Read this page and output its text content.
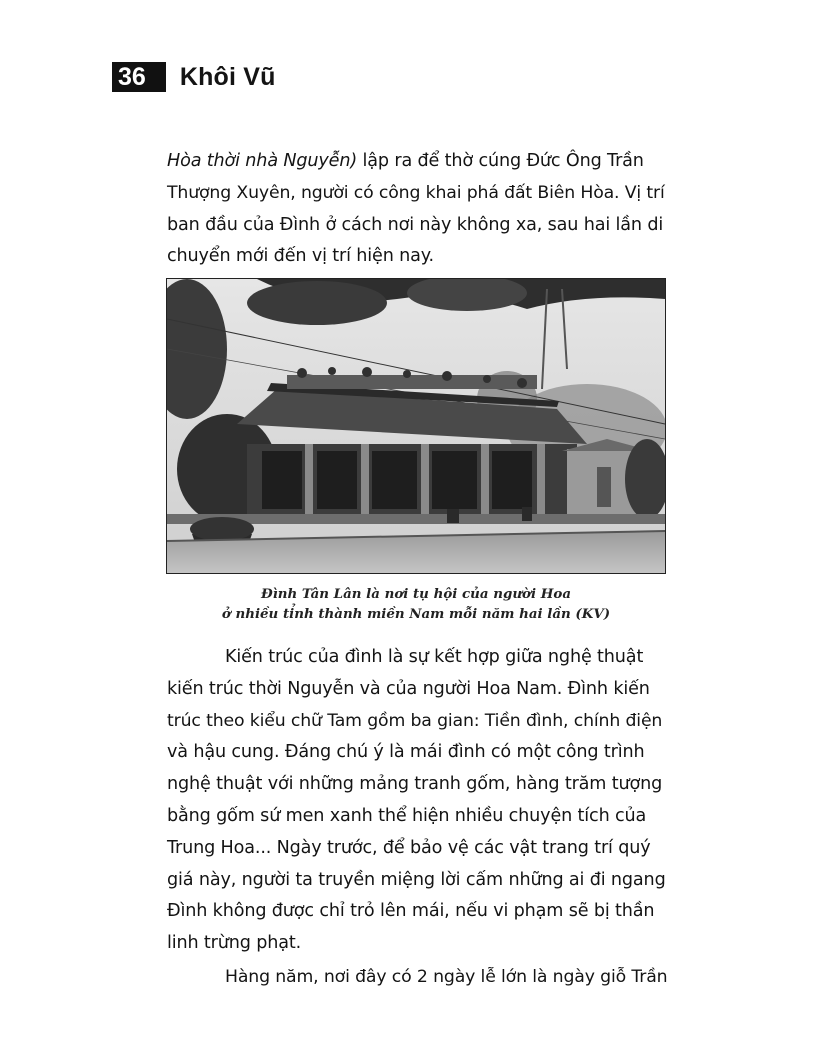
36	Khôi Vũ
Hòa thời nhà Nguyễn) lập ra để thờ cúng Đức Ông Trần
Thượng Xuyên, người có công khai phá đất Biên Hòa. Vị trí
ban đầu của Đình ở cách nơi này không xa, sau hai lần di
chuyển mới đến vị trí hiện nay.
Đình Tân Lân là nơi tụ hội của người Hoa
ở nhiều tỉnh thành miền Nam mỗi năm hai lần (KV)
Kiến trúc của đình là sự kết hợp giữa nghệ thuật
kiến trúc thời Nguyễn và của người Hoa Nam. Đình kiến
trúc theo kiểu chữ Tam gồm ba gian: Tiền đình, chính điện
và hậu cung. Đáng chú ý là mái đình có một công trình
nghệ thuật với những mảng tranh gốm, hàng trăm tượng
bằng gốm sứ men xanh thể hiện nhiều chuyện tích của
Trung Hoa... Ngày trước, để bảo vệ các vật trang trí quý
giá này, người ta truyền miệng lời cấm những ai đi ngang
Đình không được chỉ trỏ lên mái, nếu vi phạm sẽ bị thần
linh trừng phạt.
Hàng năm, nơi đây có 2 ngày lễ lớn là ngày giỗ Trần
